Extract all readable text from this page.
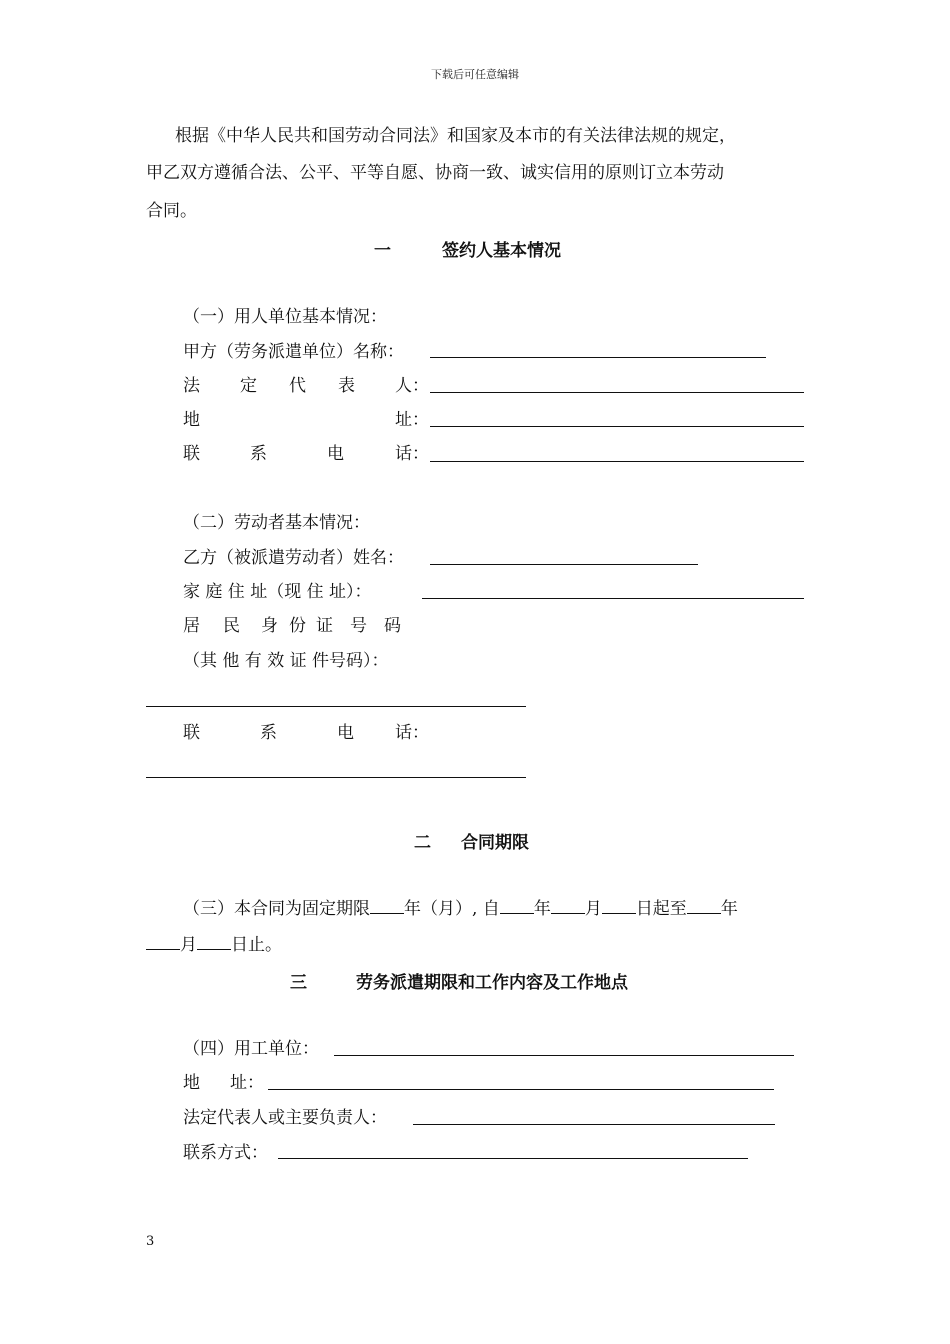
下载后可任意编辑
根据《中华人民共和国劳动合同法》和国家及本市的有关法律法规的规定，
甲乙双方遵循合法、公平、平等自愿、协商一致、诚实信用的原则订立本劳动
合同。
一	签约人基本情况
（一）用人单位基本情况：
甲方（劳务派遣单位）名称：
法 定 代 表 人：
地	址：
联	系	电	话：
（二）劳动者基本情况：
乙方（被派遣劳动者）姓名：
家 庭 住 址（现 住 址）：
居 民 身 份 证 号 码
（其 他 有 效 证 件号码）：
联	系	电 话：
二 合同期限
（三）本合同为固定期限 年（月）, 自 年 月 日起至 年
月 日止。
三	劳务派遣期限和工作内容及工作地点
（四）用工单位：
地 址：
法定代表人或主要负责人：
联系方式：
3
